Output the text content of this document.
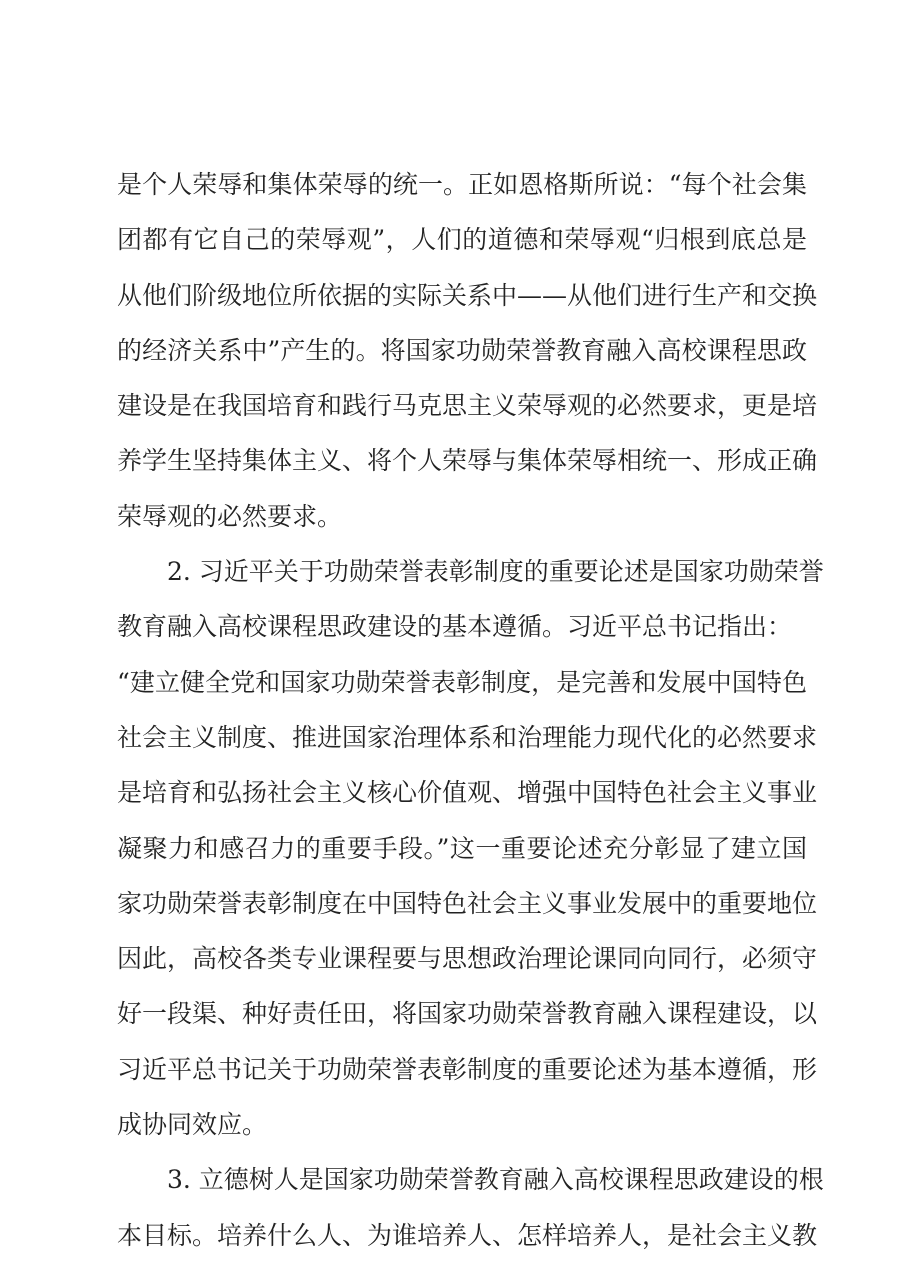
是个人荣辱和集体荣辱的统一。正如恩格斯所说：“每个社会集
团都有它自己的荣辱观”，人们的道德和荣辱观“归根到底总是
从他们阶级地位所依据的实际关系中——从他们进行生产和交换
的经济关系中”产生的。将国家功勋荣誉教育融入高校课程思政
建设是在我国培育和践行马克思主义荣辱观的必然要求，更是培
养学生坚持集体主义、将个人荣辱与集体荣辱相统一、形成正确
荣辱观的必然要求。
　　2. 习近平关于功勋荣誉表彰制度的重要论述是国家功勋荣誉
教育融入高校课程思政建设的基本遵循。习近平总书记指出：
“建立健全党和国家功勋荣誉表彰制度，是完善和发展中国特色
社会主义制度、推进国家治理体系和治理能力现代化的必然要求
是培育和弘扬社会主义核心价值观、增强中国特色社会主义事业
凝聚力和感召力的重要手段。”这一重要论述充分彰显了建立国
家功勋荣誉表彰制度在中国特色社会主义事业发展中的重要地位
因此，高校各类专业课程要与思想政治理论课同向同行，必须守
好一段渠、种好责任田，将国家功勋荣誉教育融入课程建设，以
习近平总书记关于功勋荣誉表彰制度的重要论述为基本遵循，形
成协同效应。
　　3. 立德树人是国家功勋荣誉教育融入高校课程思政建设的根
本目标。培养什么人、为谁培养人、怎样培养人，是社会主义教
